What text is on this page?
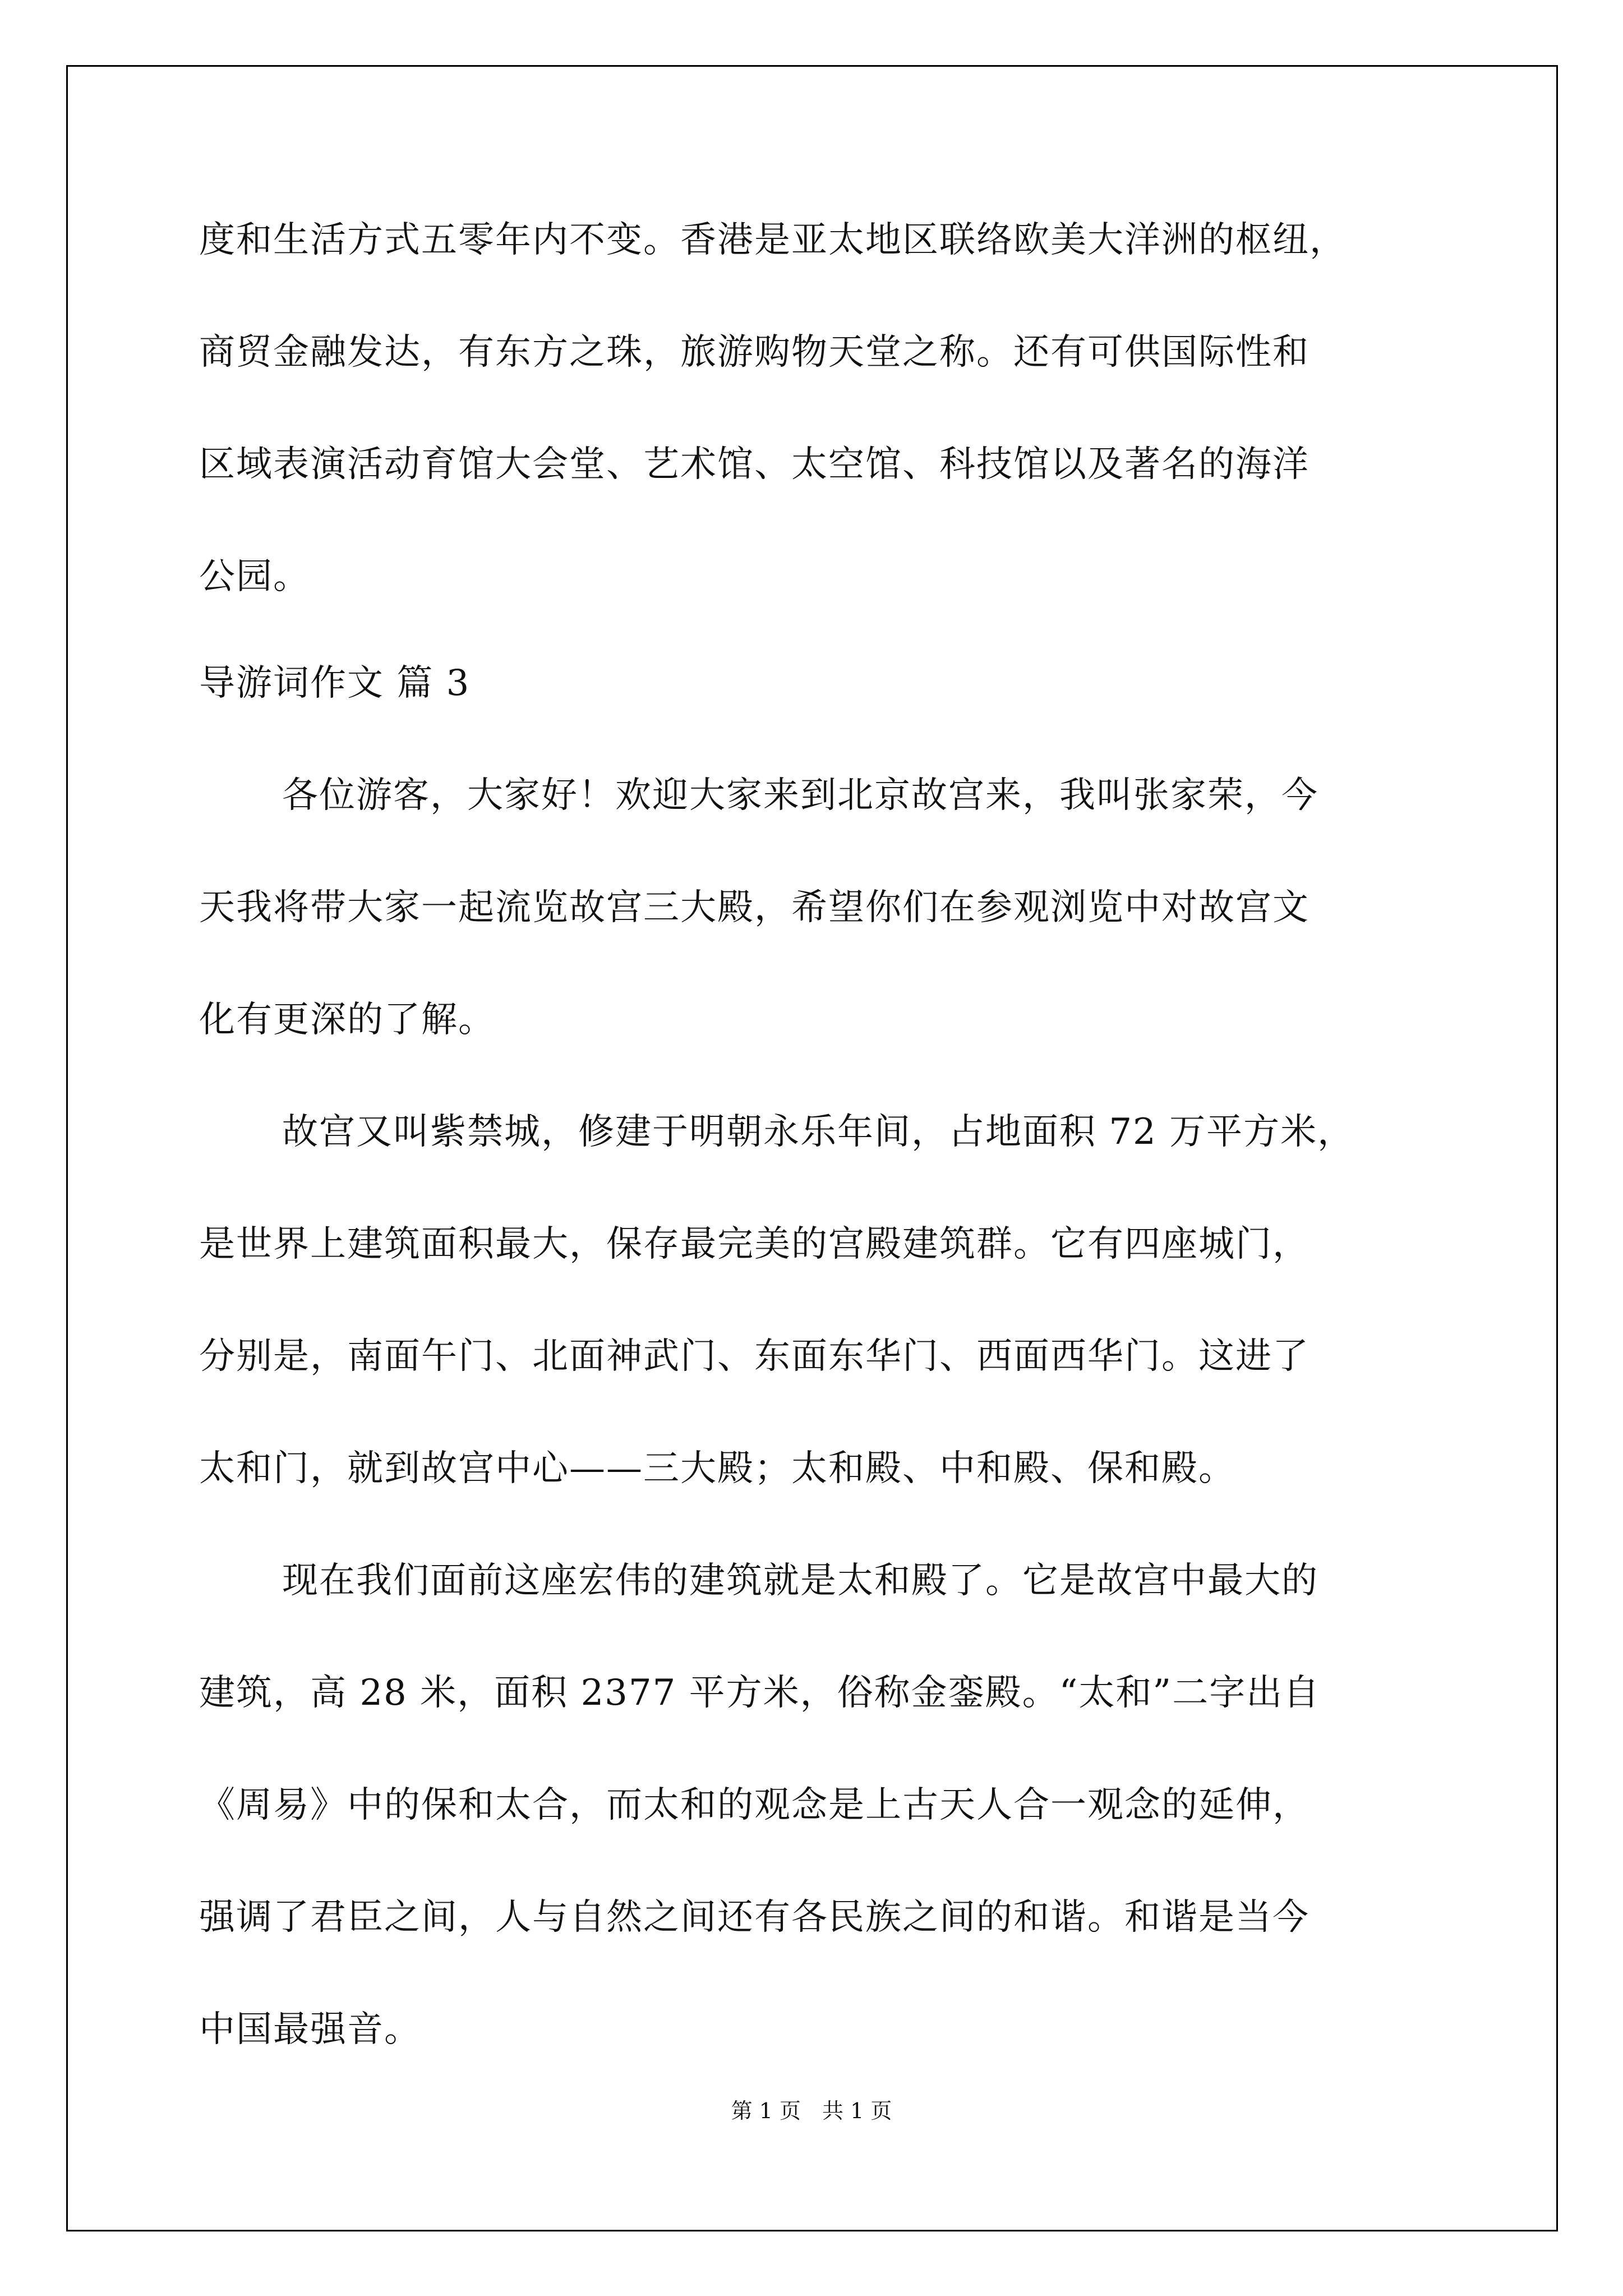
度和生活方式五零年内不变。香港是亚太地区联络欧美大洋洲的枢纽，
商贸金融发达，有东方之珠，旅游购物天堂之称。还有可供国际性和
区域表演活动育馆大会堂、艺术馆、太空馆、科技馆以及著名的海洋
公园。
导游词作文 篇 3
各位游客，大家好！欢迎大家来到北京故宫来，我叫张家荣，今
天我将带大家一起流览故宫三大殿，希望你们在参观浏览中对故宫文
化有更深的了解。
故宫又叫紫禁城，修建于明朝永乐年间，占地面积 72 万平方米，
是世界上建筑面积最大，保存最完美的宫殿建筑群。它有四座城门，
分别是，南面午门、北面神武门、东面东华门、西面西华门。这进了
太和门，就到故宫中心——三大殿；太和殿、中和殿、保和殿。
现在我们面前这座宏伟的建筑就是太和殿了。它是故宫中最大的
建筑，高 28 米，面积 2377 平方米，俗称金銮殿。“太和”二字出自
《周易》中的保和太合，而太和的观念是上古天人合一观念的延伸，
强调了君臣之间，人与自然之间还有各民族之间的和谐。和谐是当今
中国最强音。
第 1 页　共 1 页
